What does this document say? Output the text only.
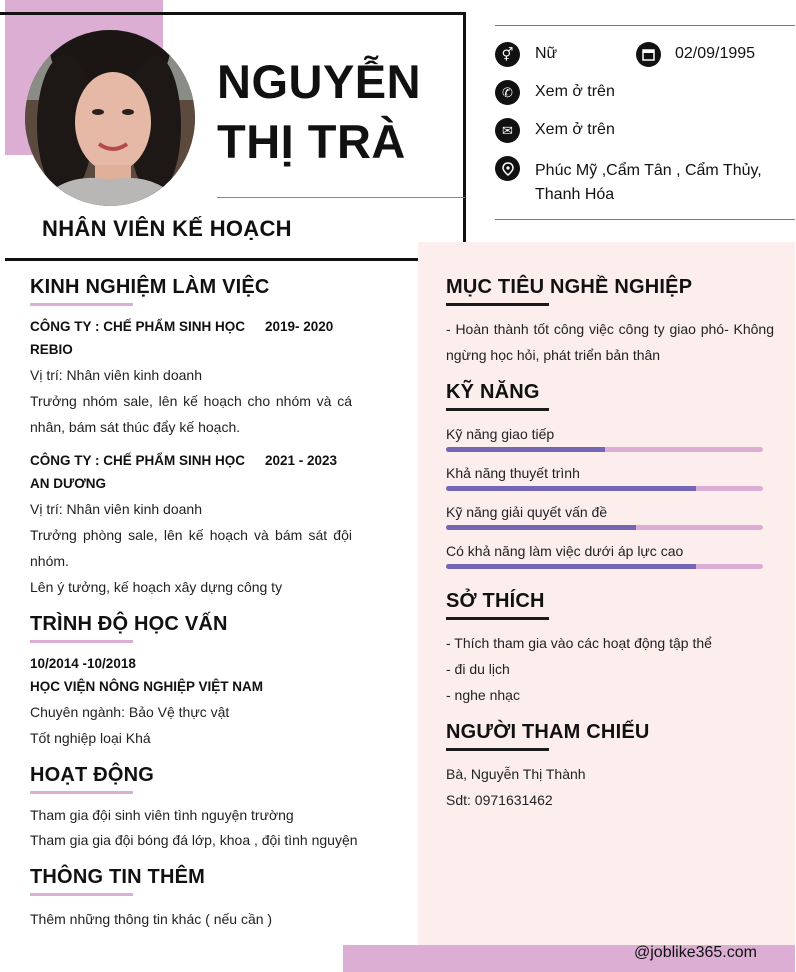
NGUYỄN
THỊ TRÀ
NHÂN VIÊN KẾ HOẠCH
⚥	Nữ	02/09/1995
✆	Xem ở trên
✉	Xem ở trên
Phúc Mỹ ,Cẩm Tân , Cẩm Thủy,
Thanh Hóa
KINH NGHIỆM LÀM VIỆC
CÔNG TY : CHẾ PHẨM SINH HỌC 2019- 2020
REBIO
Vị trí: Nhân viên kinh doanh
Trưởng nhóm sale, lên kế hoạch cho nhóm và cá nhân, bám sát thúc đẩy kế hoạch.
CÔNG TY : CHẾ PHẨM SINH HỌC 2021 - 2023
AN DƯƠNG
Vị trí: Nhân viên kinh doanh
Trưởng phòng sale, lên kế hoạch và bám sát đội nhóm.
Lên ý tưởng, kế hoạch xây dựng công ty
TRÌNH ĐỘ HỌC VẤN
10/2014 -10/2018
HỌC VIỆN NÔNG NGHIỆP VIỆT NAM
Chuyên ngành: Bảo Vệ thực vật
Tốt nghiệp loại Khá
HOẠT ĐỘNG
Tham gia đội sinh viên tình nguyện trường
Tham gia gia đội bóng đá lớp, khoa , đội tình nguyện
THÔNG TIN THÊM
Thêm những thông tin khác ( nếu cần )
MỤC TIÊU NGHỀ NGHIỆP
- Hoàn thành tốt công việc công ty giao phó- Không ngừng học hỏi, phát triển bản thân
KỸ NĂNG
Kỹ năng giao tiếp
Khả năng thuyết trình
Kỹ năng giải quyết vấn đề
Có khả năng làm việc dưới áp lực cao
SỞ THÍCH
- Thích tham gia vào các hoạt động tập thể
- đi du lịch
- nghe nhạc
NGƯỜI THAM CHIẾU
Bà, Nguyễn Thị Thành
Sdt: 0971631462
@joblike365.com
